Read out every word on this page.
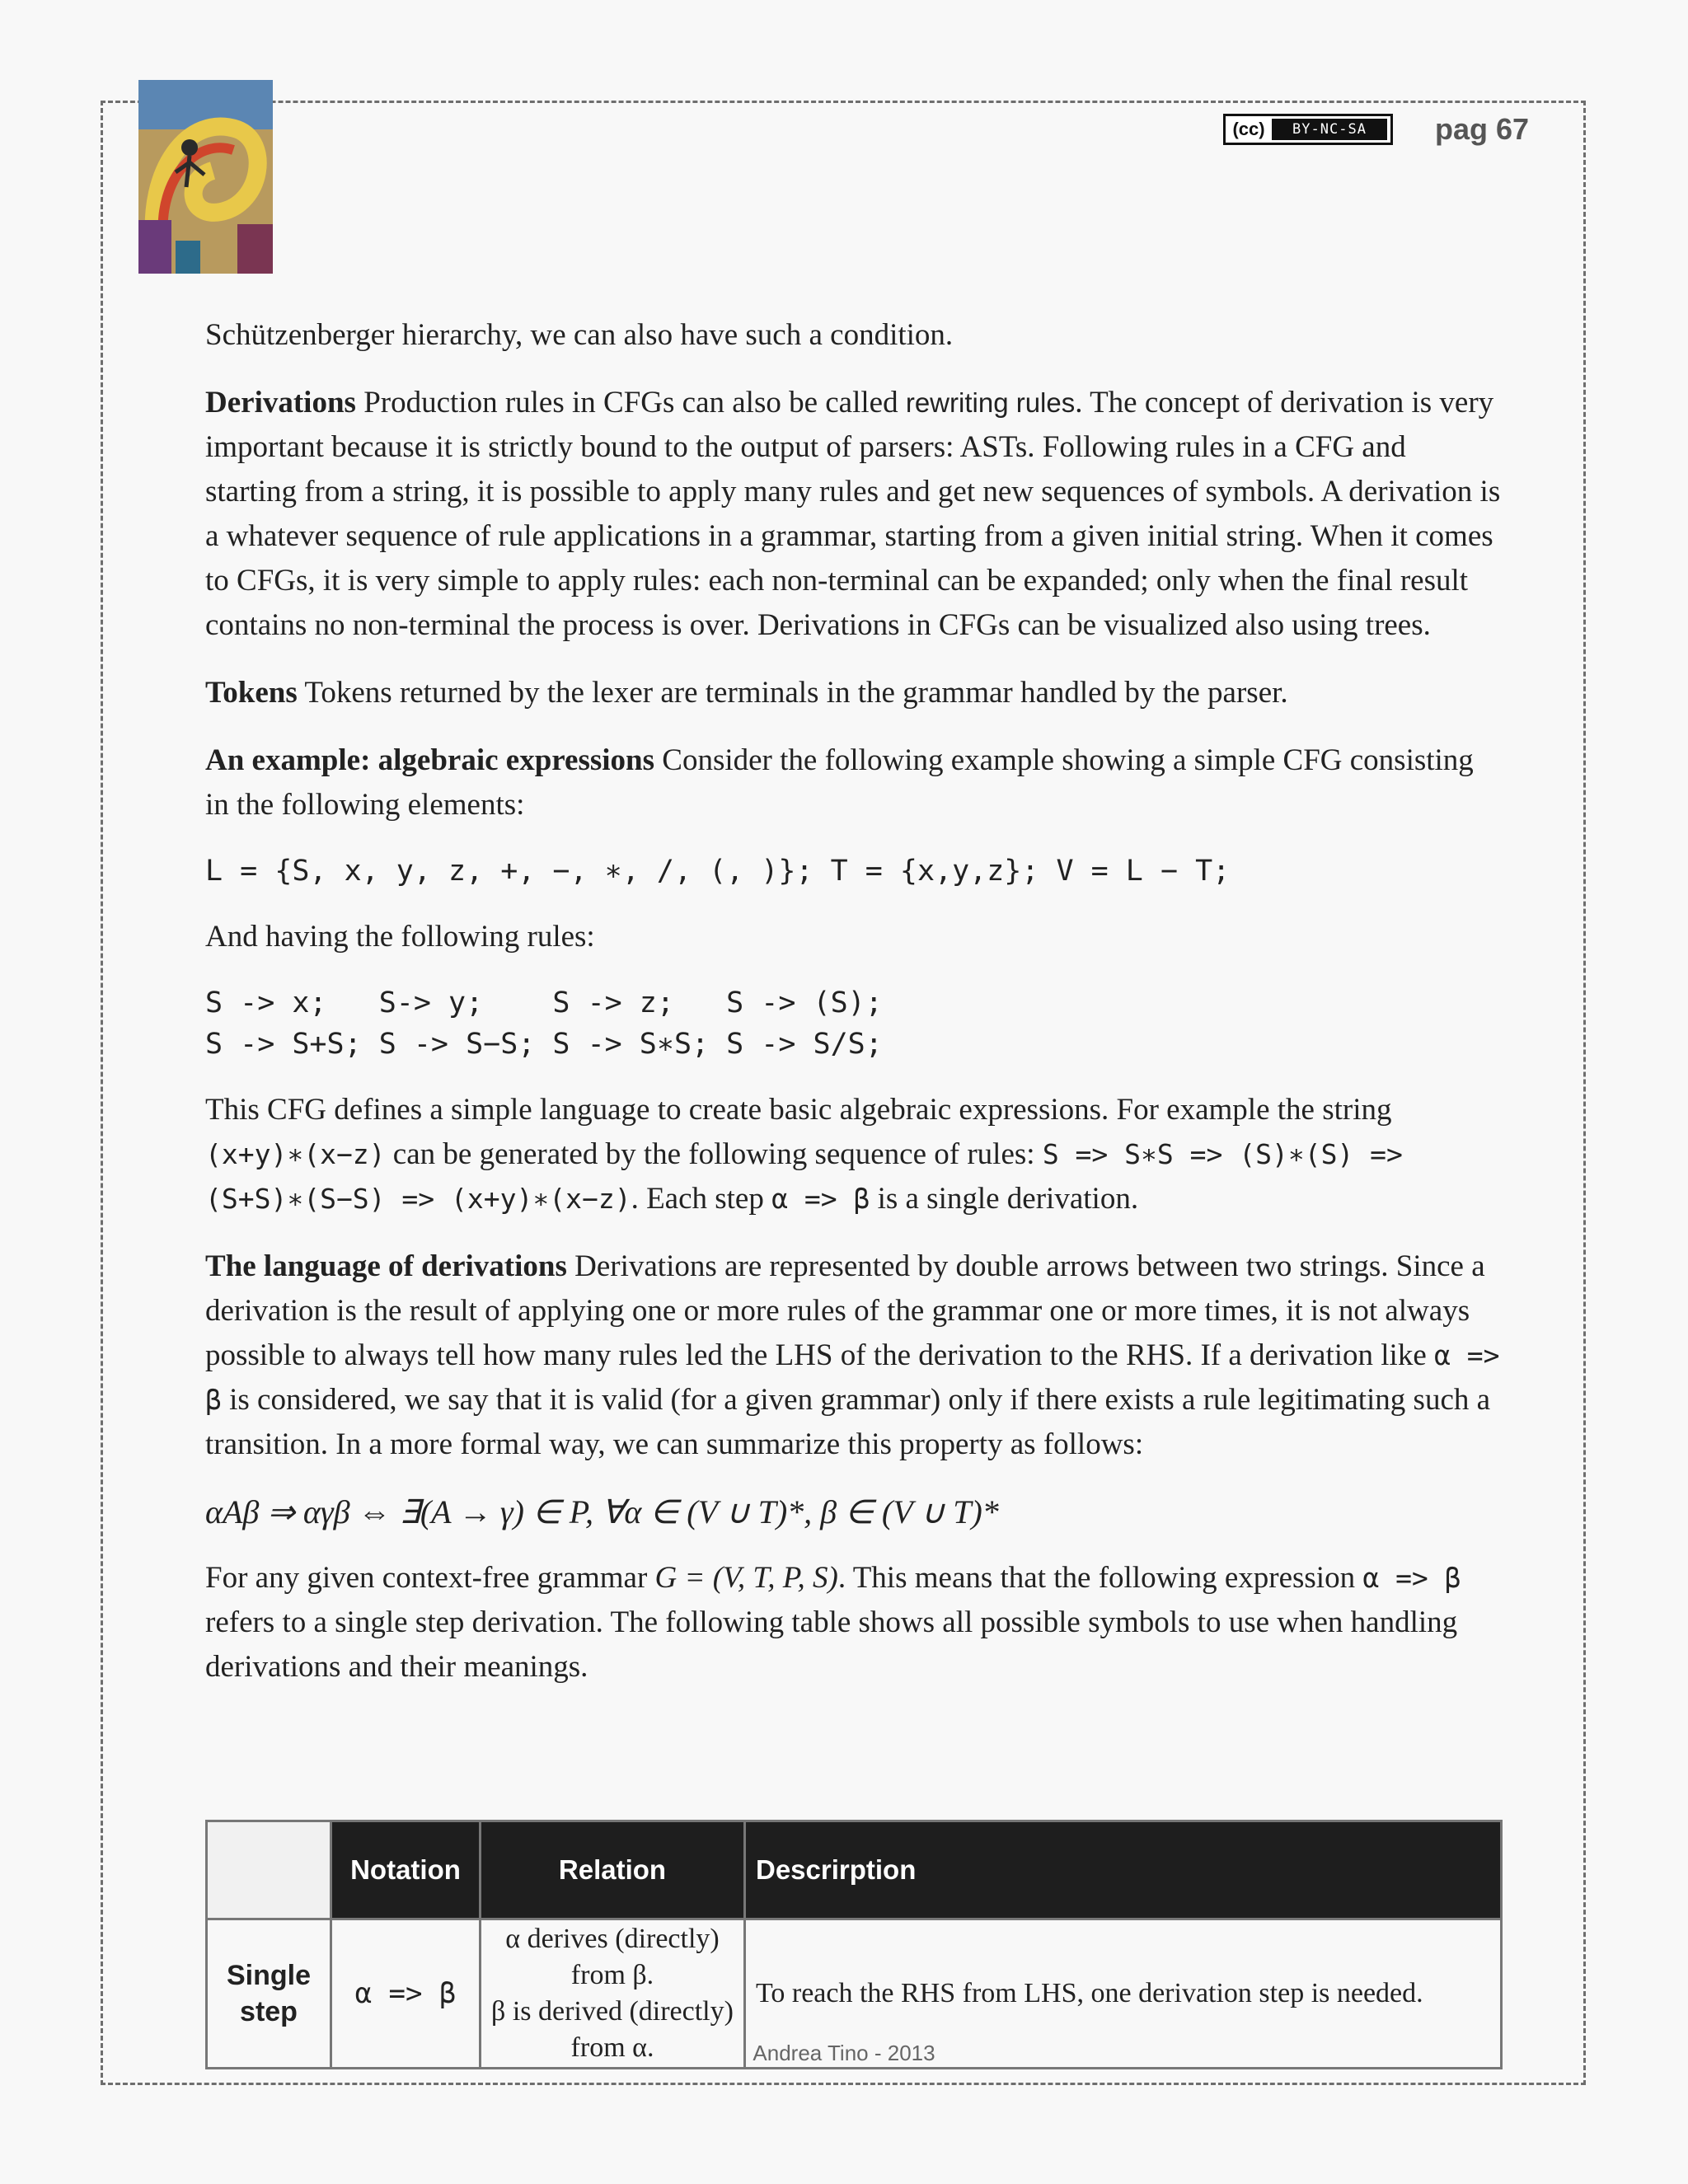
(cc)	BY-NC-SA	pag 67

Schützenberger hierarchy, we can also have such a condition.

Derivations Production rules in CFGs can also be called rewriting rules. The concept of derivation is very important because it is strictly bound to the output of parsers: ASTs. Following rules in a CFG and starting from a string, it is possible to apply many rules and get new sequences of symbols. A derivation is a whatever sequence of rule applications in a grammar, starting from a given initial string. When it comes to CFGs, it is very simple to apply rules: each non-terminal can be expanded; only when the final result contains no non-terminal the process is over. Derivations in CFGs can be visualized also using trees.

Tokens Tokens returned by the lexer are terminals in the grammar handled by the parser.

An example: algebraic expressions Consider the following example showing a simple CFG consisting in the following elements:

L = {S, x, y, z, +, −, ∗, /, (, )}; T = {x,y,z}; V = L − T;

And having the following rules:

S -> x;   S-> y;    S -> z;   S -> (S);
S -> S+S; S -> S−S; S -> S∗S; S -> S/S;

This CFG defines a simple language to create basic algebraic expressions. For example the string (x+y)∗(x−z) can be generated by the following sequence of rules: S => S∗S => (S)∗(S) => (S+S)∗(S−S) => (x+y)∗(x−z). Each step α => β is a single derivation.

The language of derivations Derivations are represented by double arrows between two strings. Since a derivation is the result of applying one or more rules of the grammar one or more times, it is not always possible to always tell how many rules led the LHS of the derivation to the RHS. If a derivation like α => β is considered, we say that it is valid (for a given grammar) only if there exists a rule legitimating such a transition. In a more formal way, we can summarize this property as follows:

αAβ ⇒ αγβ ⇔ ∃(A → γ) ∈ P, ∀α ∈ (V ∪ T)*, β ∈ (V ∪ T)*

For any given context-free grammar G = (V, T, P, S). This means that the following expression α => β refers to a single step derivation. The following table shows all possible symbols to use when handling derivations and their meanings.

	Notation	Relation	Descrirption
Single step	α => β	α derives (directly) from β.
β is derived (directly) from α.	To reach the RHS from LHS, one derivation step is needed.
Andrea Tino - 2013
